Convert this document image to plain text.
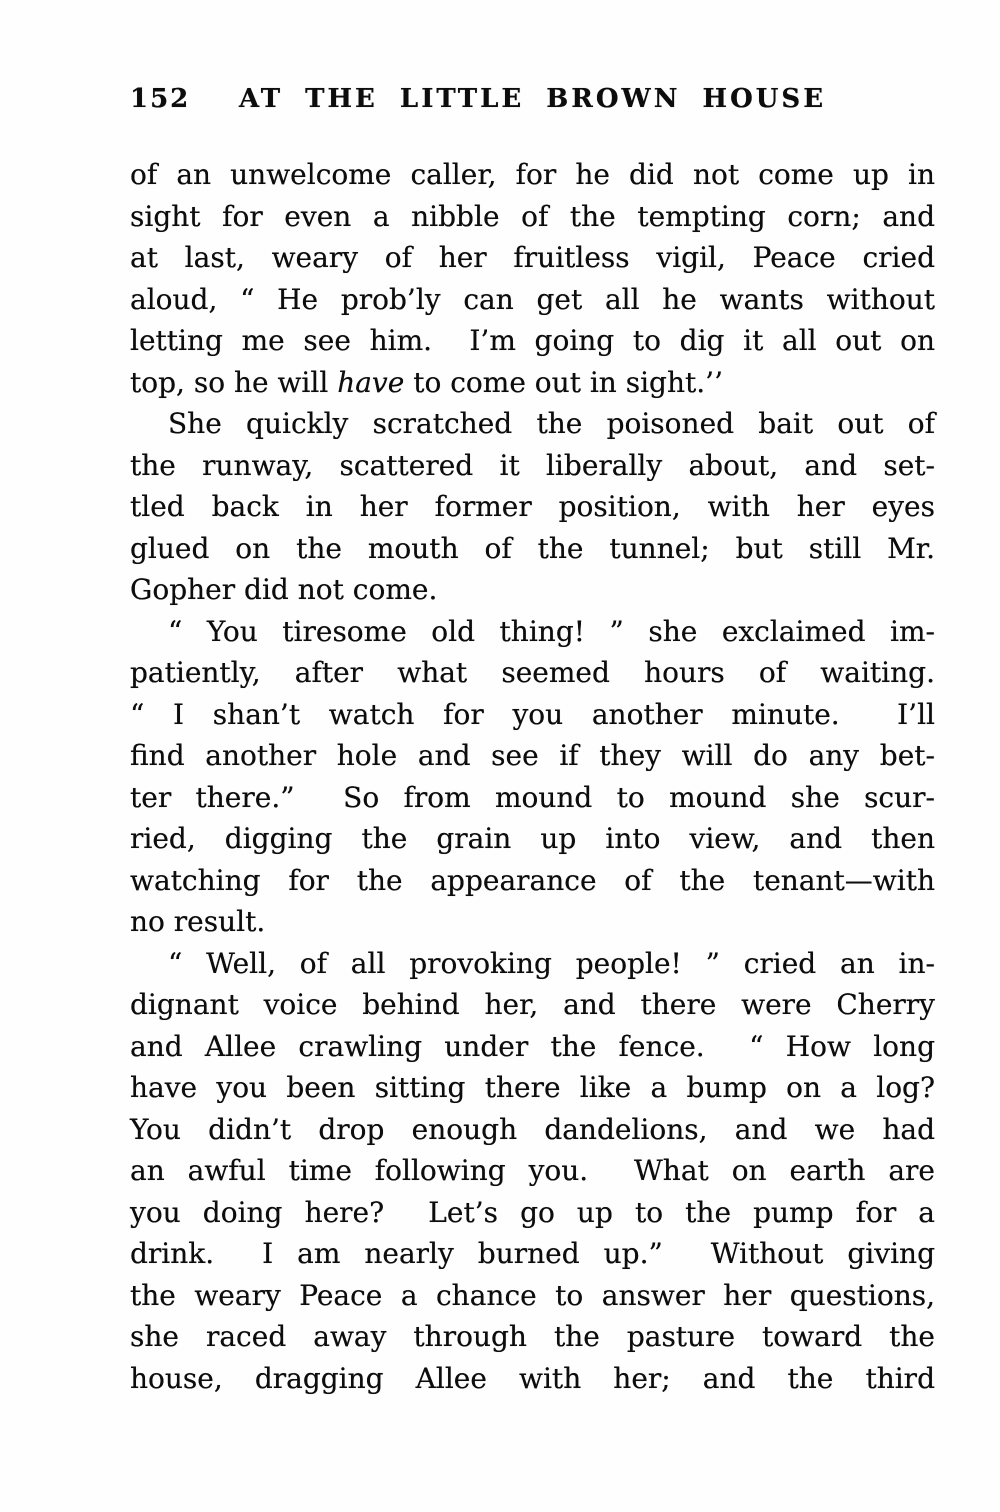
152	AT THE LITTLE BROWN HOUSE
of an unwelcome caller, for he did not come up in
sight for even a nibble of the tempting corn; and
at last, weary of her fruitless vigil, Peace cried
aloud, “ He prob’ly can get all he wants without
letting me see him.  I’m going to dig it all out on
top, so he will have to come out in sight.’’
She quickly scratched the poisoned bait out of
the runway, scattered it liberally about, and set-
tled back in her former position, with her eyes
glued on the mouth of the tunnel; but still Mr.
Gopher did not come.
“ You tiresome old thing! ” she exclaimed im-
patiently, after what seemed hours of waiting.
“ I shan’t watch for you another minute.  I’ll
find another hole and see if they will do any bet-
ter there.”  So from mound to mound she scur-
ried, digging the grain up into view, and then
watching for the appearance of the tenant—with
no result.
“ Well, of all provoking people! ” cried an in-
dignant voice behind her, and there were Cherry
and Allee crawling under the fence.  “ How long
have you been sitting there like a bump on a log?
You didn’t drop enough dandelions, and we had
an awful time following you.  What on earth are
you doing here?  Let’s go up to the pump for a
drink.  I am nearly burned up.”  Without giving
the weary Peace a chance to answer her questions,
she raced away through the pasture toward the
house, dragging Allee with her; and the third
